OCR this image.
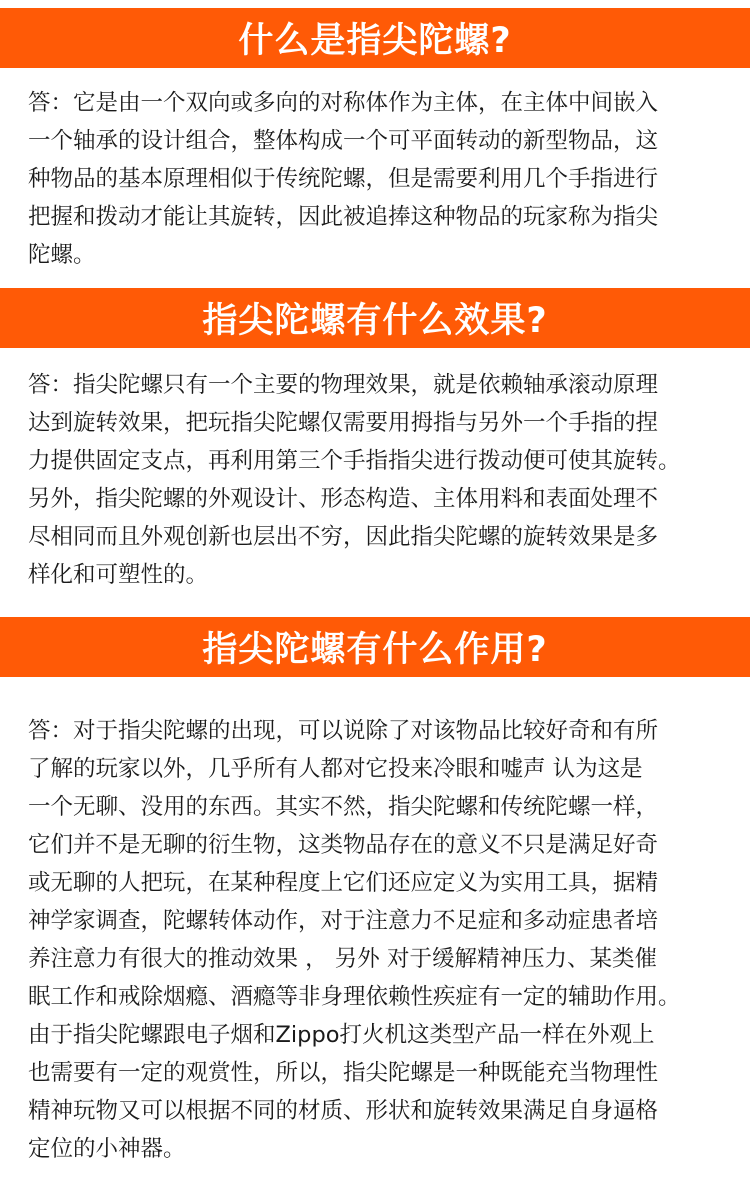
什么是指尖陀螺?
答：它是由一个双向或多向的对称体作为主体，在主体中间嵌入
一个轴承的设计组合，整体构成一个可平面转动的新型物品，这
种物品的基本原理相似于传统陀螺，但是需要利用几个手指进行
把握和拨动才能让其旋转，因此被追捧这种物品的玩家称为指尖
陀螺。
指尖陀螺有什么效果?
答：指尖陀螺只有一个主要的物理效果，就是依赖轴承滚动原理
达到旋转效果，把玩指尖陀螺仅需要用拇指与另外一个手指的捏
力提供固定支点，再利用第三个手指指尖进行拨动便可使其旋转。
另外，指尖陀螺的外观设计、形态构造、主体用料和表面处理不
尽相同而且外观创新也层出不穷，因此指尖陀螺的旋转效果是多
样化和可塑性的。
指尖陀螺有什么作用?
答：对于指尖陀螺的出现，可以说除了对该物品比较好奇和有所
了解的玩家以外，几乎所有人都对它投来冷眼和嘘声 认为这是
一个无聊、没用的东西。其实不然，指尖陀螺和传统陀螺一样，
它们并不是无聊的衍生物，这类物品存在的意义不只是满足好奇
或无聊的人把玩，在某种程度上它们还应定义为实用工具，据精
神学家调查，陀螺转体动作，对于注意力不足症和多动症患者培
养注意力有很大的推动效果 ， 另外 对于缓解精神压力、某类催
眠工作和戒除烟瘾、酒瘾等非身理依赖性疾症有一定的辅助作用。
由于指尖陀螺跟电子烟和Zippo打火机这类型产品一样在外观上
也需要有一定的观赏性，所以，指尖陀螺是一种既能充当物理性
精神玩物又可以根据不同的材质、形状和旋转效果满足自身逼格
定位的小神器。
